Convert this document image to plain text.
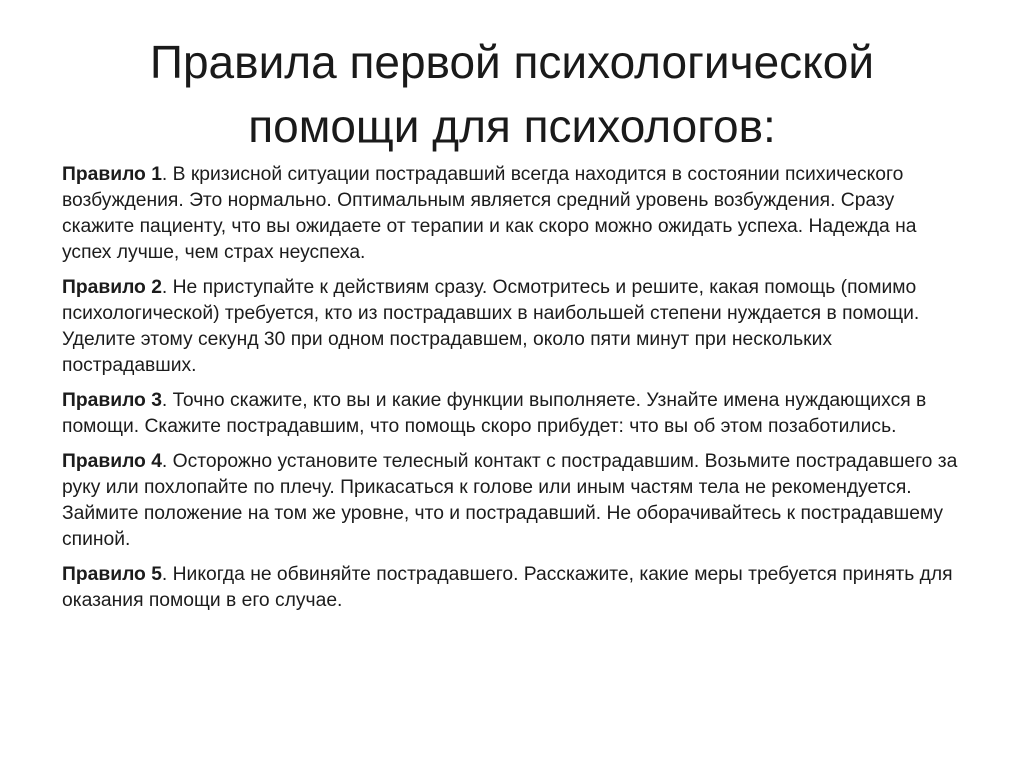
Правила первой психологической
помощи для психологов:
Правило 1. В кризисной ситуации пострадавший всегда находится в состоянии психического возбуждения. Это нормально. Оптимальным является средний уровень возбуждения. Сразу скажите пациенту, что вы ожидаете от терапии и как скоро можно ожидать успеха. Надежда на успех лучше, чем страх неуспеха.
Правило 2. Не приступайте к действиям сразу. Осмотритесь и решите, какая помощь (помимо психологической) требуется, кто из пострадавших в наибольшей степени нуждается в помощи. Уделите этому секунд 30 при одном пострадавшем, около пяти минут при нескольких пострадавших.
Правило 3. Точно скажите, кто вы и какие функции выполняете. Узнайте имена нуждающихся в помощи. Скажите пострадавшим, что помощь скоро прибудет: что вы об этом позаботились.
Правило 4. Осторожно установите телесный контакт с пострадавшим. Возьмите пострадавшего за руку или похлопайте по плечу. Прикасаться к голове или иным частям тела не рекомендуется. Займите положение на том же уровне, что и пострадавший. Не оборачивайтесь к пострадавшему спиной.
Правило 5. Никогда не обвиняйте пострадавшего. Расскажите, какие меры требуется принять для оказания помощи в его случае.
